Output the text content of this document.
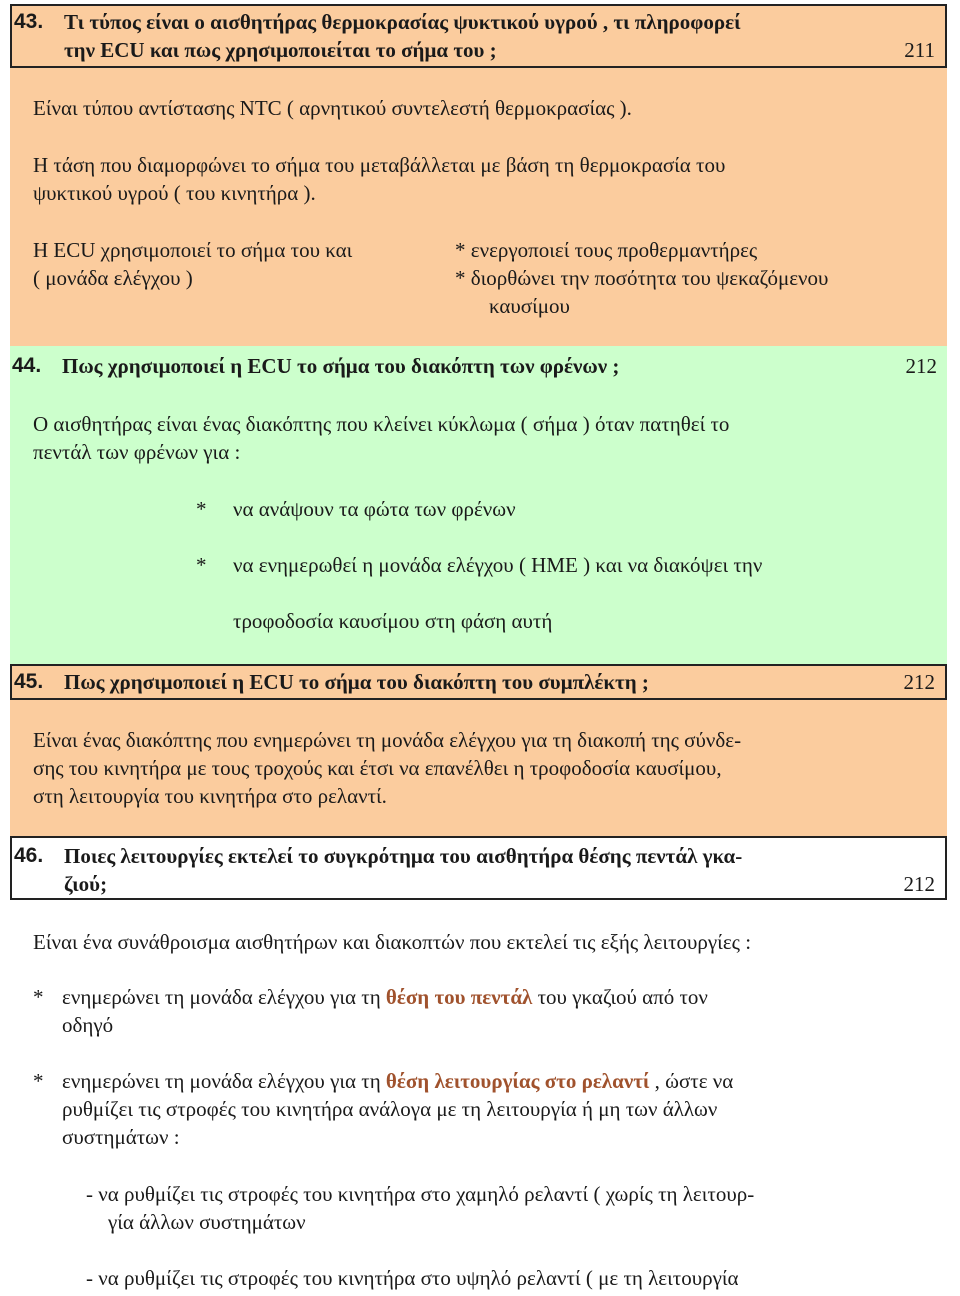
43. Τι τύπος είναι ο αισθητήρας θερμοκρασίας ψυκτικού υγρού , τι πληροφορεί
την ECU και πως χρησιμοποιείται το σήμα του ;	211
Είναι τύπου αντίστασης NTC ( αρνητικού συντελεστή θερμοκρασίας ).
Η τάση που διαμορφώνει το σήμα του μεταβάλλεται με βάση τη θερμοκρασία του
ψυκτικού υγρού ( του κινητήρα ).
Η ECU χρησιμοποιεί το σήμα του και
( μονάδα ελέγχου )
* ενεργοποιεί τους προθερμαντήρες
* διορθώνει την ποσότητα του ψεκαζόμενου
καυσίμου
44. Πως χρησιμοποιεί η ECU το σήμα του διακόπτη των φρένων ;	212
Ο αισθητήρας είναι ένας διακόπτης που κλείνει κύκλωμα ( σήμα ) όταν πατηθεί το
πεντάλ των φρένων για :
* να ανάψουν τα φώτα των φρένων
* να ενημερωθεί η μονάδα ελέγχου ( ΗΜΕ ) και να διακόψει την
τροφοδοσία καυσίμου στη φάση αυτή
45. Πως χρησιμοποιεί η ECU το σήμα του διακόπτη του συμπλέκτη ;	212
Είναι ένας διακόπτης που ενημερώνει τη μονάδα ελέγχου για τη διακοπή της σύνδε-
σης του κινητήρα με τους τροχούς και έτσι να επανέλθει η τροφοδοσία καυσίμου,
στη λειτουργία του κινητήρα στο ρελαντί.
46. Ποιες λειτουργίες εκτελεί το συγκρότημα του αισθητήρα θέσης πεντάλ γκα-
ζιού;	212
Είναι ένα συνάθροισμα αισθητήρων και διακοπτών που εκτελεί τις εξής λειτουργίες :
* ενημερώνει τη μονάδα ελέγχου για τη θέση του πεντάλ του γκαζιού από τον
οδηγό
* ενημερώνει τη μονάδα ελέγχου για τη θέση λειτουργίας στο ρελαντί , ώστε να
ρυθμίζει τις στροφές του κινητήρα ανάλογα με τη λειτουργία ή μη των άλλων
συστημάτων :
- να ρυθμίζει τις στροφές του κινητήρα στο χαμηλό ρελαντί ( χωρίς τη λειτουρ-
γία άλλων συστημάτων
- να ρυθμίζει τις στροφές του κινητήρα στο υψηλό ρελαντί ( με τη λειτουργία
